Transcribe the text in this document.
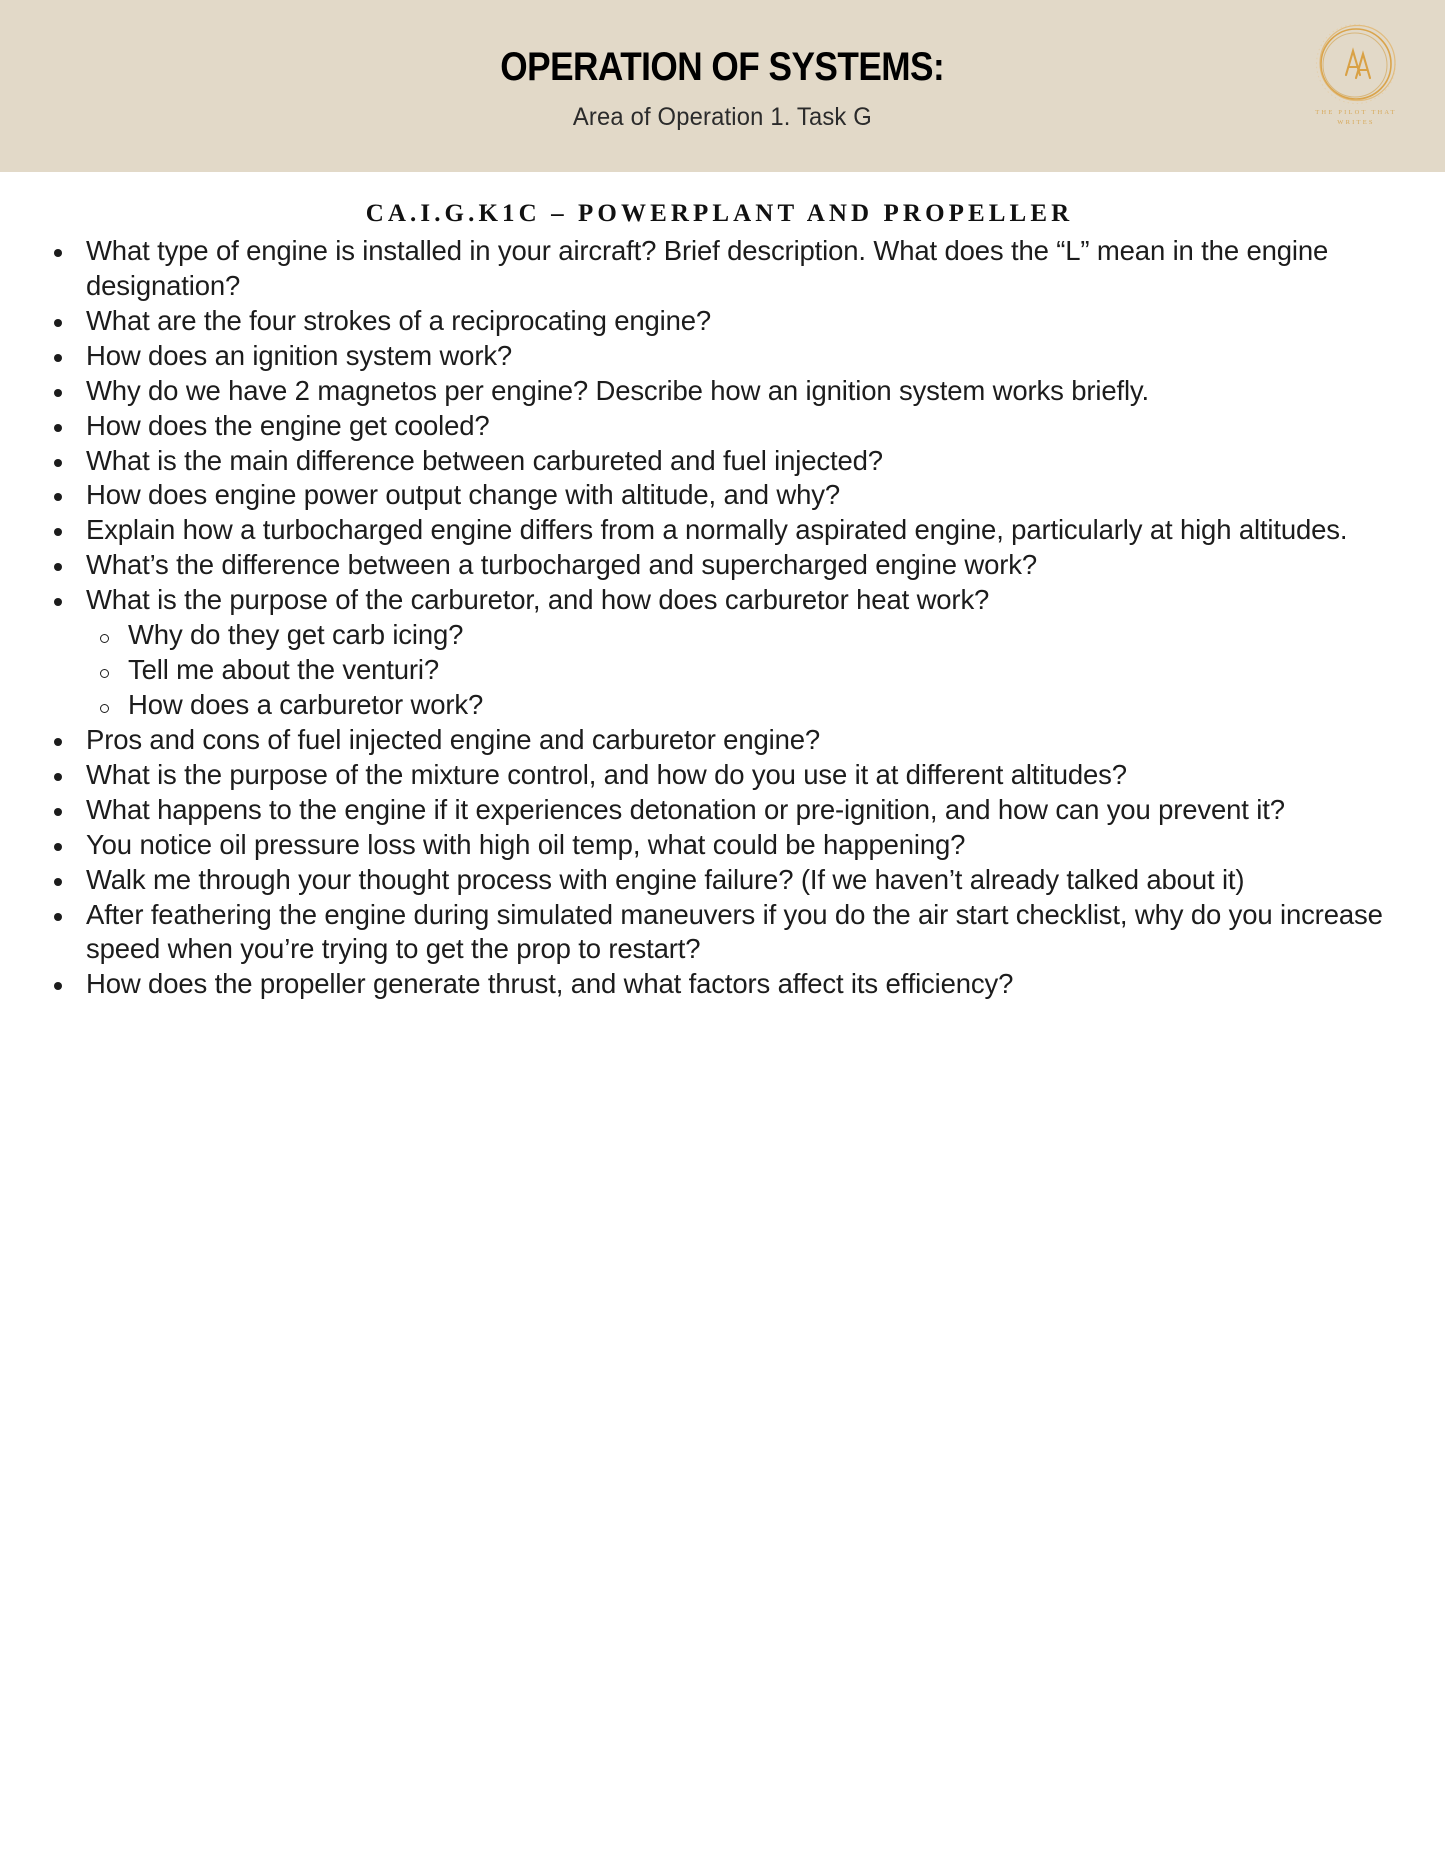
OPERATION OF SYSTEMS:
Area of Operation 1. Task G	THE PILOT THAT
WRITES
CA.I.G.K1C – POWERPLANT AND PROPELLER
What type of engine is installed in your aircraft? Brief description. What does the “L” mean in the engine designation?
What are the four strokes of a reciprocating engine?
How does an ignition system work?
Why do we have 2 magnetos per engine? Describe how an ignition system works briefly.
How does the engine get cooled?
What is the main difference between carbureted and fuel injected?
How does engine power output change with altitude, and why?
Explain how a turbocharged engine differs from a normally aspirated engine, particularly at high altitudes.
What’s the difference between a turbocharged and supercharged engine work?
What is the purpose of the carburetor, and how does carburetor heat work?
Why do they get carb icing?
Tell me about the venturi?
How does a carburetor work?
Pros and cons of fuel injected engine and carburetor engine?
What is the purpose of the mixture control, and how do you use it at different altitudes?
What happens to the engine if it experiences detonation or pre-ignition, and how can you prevent it?
You notice oil pressure loss with high oil temp, what could be happening?
Walk me through your thought process with engine failure? (If we haven’t already talked about it)
After feathering the engine during simulated maneuvers if you do the air start checklist, why do you increase speed when you’re trying to get the prop to restart?
How does the propeller generate thrust, and what factors affect its efficiency?
